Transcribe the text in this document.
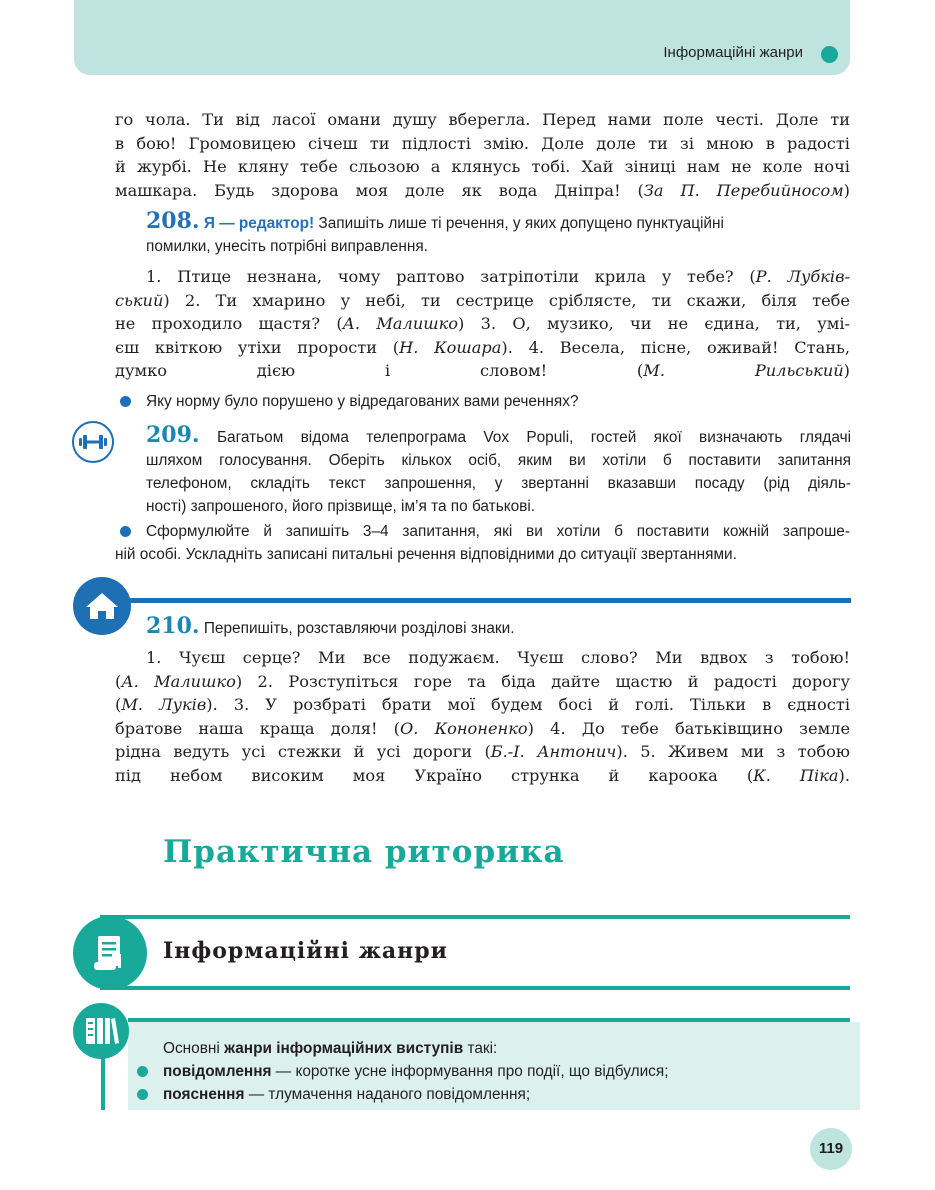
Інформаційні жанри
го чола. Ти від ласої омани душу вберегла. Перед нами поле честі. Доле ти
в бою! Громовицею січеш ти підлості змію. Доле доле ти зі мною в радості
й журбі. Не кляну тебе сльозою а клянусь тобі. Хай зіниці нам не коле ночі
машкара. Будь здорова моя доле як вода Дніпра! (За П. Перебийносом)
208. Я — редактор! Запишіть лише ті речення, у яких допущено пунктуаційні
помилки, унесіть потрібні виправлення.
1. Птице незнана, чому раптово затріпотіли крила у тебе? (Р. Лубків-
ський) 2. Ти хмарино у небі, ти сестрице сріблясте, ти скажи, біля тебе
не проходило щастя? (А. Малишко) 3. О, музико, чи не єдина, ти, умі-
єш квіткою утіхи прорости (Н. Кошара). 4. Весела, пісне, оживай! Стань,
думко дією і словом! (М. Рильський)
Яку норму було порушено у відредагованих вами реченнях?
209. Багатьом відома телепрограма Vox Populi, гостей якої визначають глядачі
шляхом голосування. Оберіть кількох осіб, яким ви хотіли б поставити запитання
телефоном, складіть текст запрошення, у звертанні вказавши посаду (рід діяль-
ності) запрошеного, його прізвище, ім’я та по батькові.
Сформулюйте й запишіть 3–4 запитання, які ви хотіли б поставити кожній запроше-
ній особі. Ускладніть записані питальні речення відповідними до ситуації звертаннями.
210. Перепишіть, розставляючи розділові знаки.
1. Чуєш серце? Ми все подужаєм. Чуєш слово? Ми вдвох з тобою!
(А. Малишко) 2. Розступіться горе та біда дайте щастю й радості дорогу
(М. Луків). 3. У розбраті брати мої будем босі й голі. Тільки в єдності
братове наша краща доля! (О. Кононенко) 4. До тебе батьківщино земле
рідна ведуть усі стежки й усі дороги (Б.-І. Антонич). 5. Живем ми з тобою
під небом високим моя Україно струнка й кароока (К. Піка).
Практична риторика
Інформаційні жанри
Основні жанри інформаційних виступів такі:
повідомлення — коротке усне інформування про події, що відбулися;
пояснення — тлумачення наданого повідомлення;
119
